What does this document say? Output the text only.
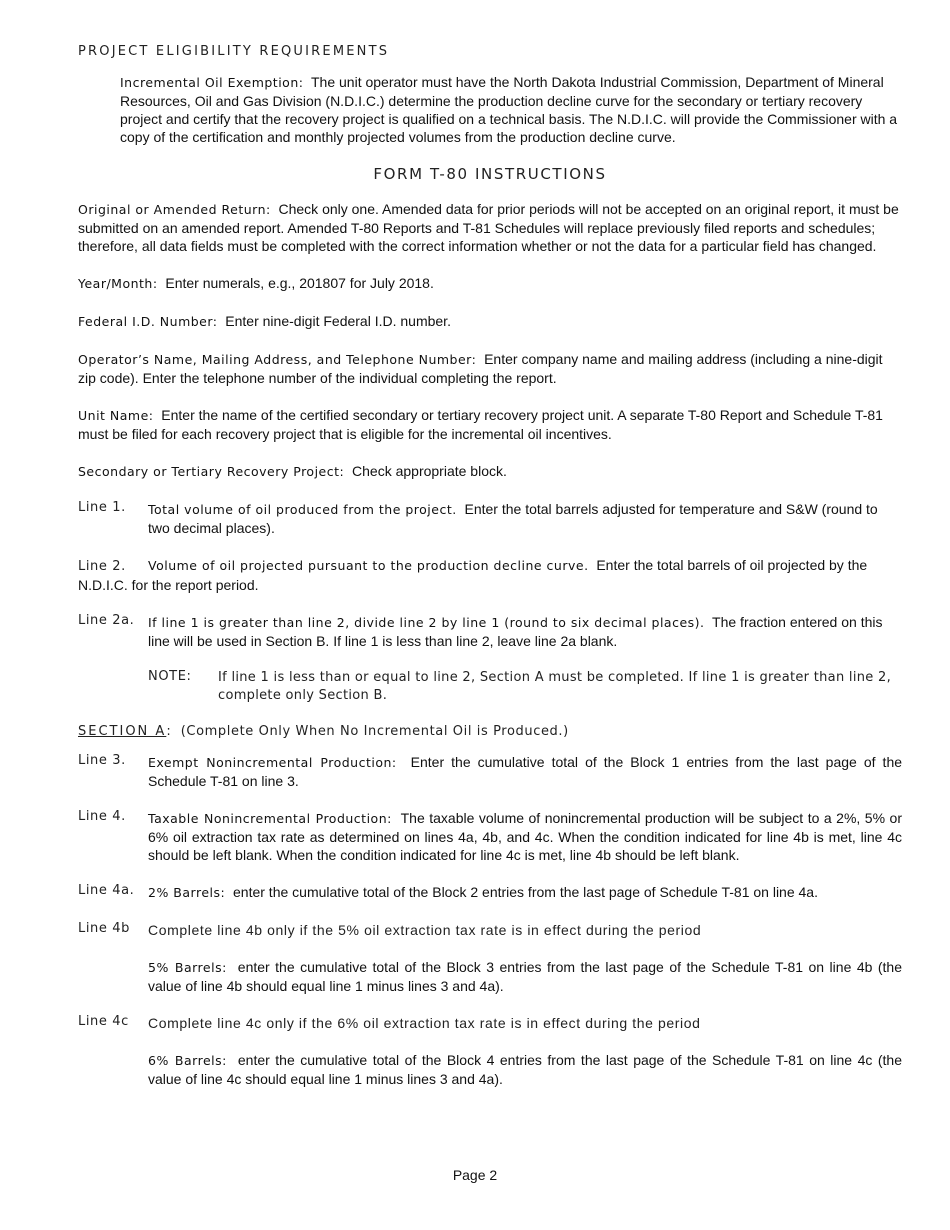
PROJECT ELIGIBILITY REQUIREMENTS

Incremental Oil Exemption: The unit operator must have the North Dakota Industrial Commission, Department of Mineral Resources, Oil and Gas Division (N.D.I.C.) determine the production decline curve for the secondary or tertiary recovery project and certify that the recovery project is qualified on a technical basis. The N.D.I.C. will provide the Commissioner with a copy of the certification and monthly projected volumes from the production decline curve.

FORM T-80 INSTRUCTIONS

Original or Amended Return: Check only one. Amended data for prior periods will not be accepted on an original report, it must be submitted on an amended report. Amended T-80 Reports and T-81 Schedules will replace previously filed reports and schedules; therefore, all data fields must be completed with the correct information whether or not the data for a particular field has changed.

Year/Month: Enter numerals, e.g., 201807 for July 2018.

Federal I.D. Number: Enter nine-digit Federal I.D. number.

Operator’s Name, Mailing Address, and Telephone Number: Enter company name and mailing address (including a nine-digit zip code). Enter the telephone number of the individual completing the report.

Unit Name: Enter the name of the certified secondary or tertiary recovery project unit. A separate T-80 Report and Schedule T-81 must be filed for each recovery project that is eligible for the incremental oil incentives.

Secondary or Tertiary Recovery Project: Check appropriate block.

Line 1.	Total volume of oil produced from the project. Enter the total barrels adjusted for temperature and S&W (round to two decimal places).

Line 2. Volume of oil projected pursuant to the production decline curve. Enter the total barrels of oil projected by the N.D.I.C. for the report period.

Line 2a.	If line 1 is greater than line 2, divide line 2 by line 1 (round to six decimal places). The fraction entered on this line will be used in Section B. If line 1 is less than line 2, leave line 2a blank.
NOTE:	If line 1 is less than or equal to line 2, Section A must be completed. If line 1 is greater than line 2, complete only Section B.
SECTION A: (Complete Only When No Incremental Oil is Produced.)
Line 3.	Exempt Nonincremental Production: Enter the cumulative total of the Block 1 entries from the last page of the Schedule T-81 on line 3.
Line 4.	Taxable Nonincremental Production: The taxable volume of nonincremental production will be subject to a 2%, 5% or 6% oil extraction tax rate as determined on lines 4a, 4b, and 4c. When the condition indicated for line 4b is met, line 4c should be left blank. When the condition indicated for line 4c is met, line 4b should be left blank.
Line 4a.	2% Barrels: enter the cumulative total of the Block 2 entries from the last page of Schedule T-81 on line 4a.
Line 4b	Complete line 4b only if the 5% oil extraction tax rate is in effect during the period

5% Barrels: enter the cumulative total of the Block 3 entries from the last page of the Schedule T-81 on line 4b (the value of line 4b should equal line 1 minus lines 3 and 4a).

Line 4c	Complete line 4c only if the 6% oil extraction tax rate is in effect during the period

6% Barrels: enter the cumulative total of the Block 4 entries from the last page of the Schedule T-81 on line 4c (the value of line 4c should equal line 1 minus lines 3 and 4a).

Page 2
